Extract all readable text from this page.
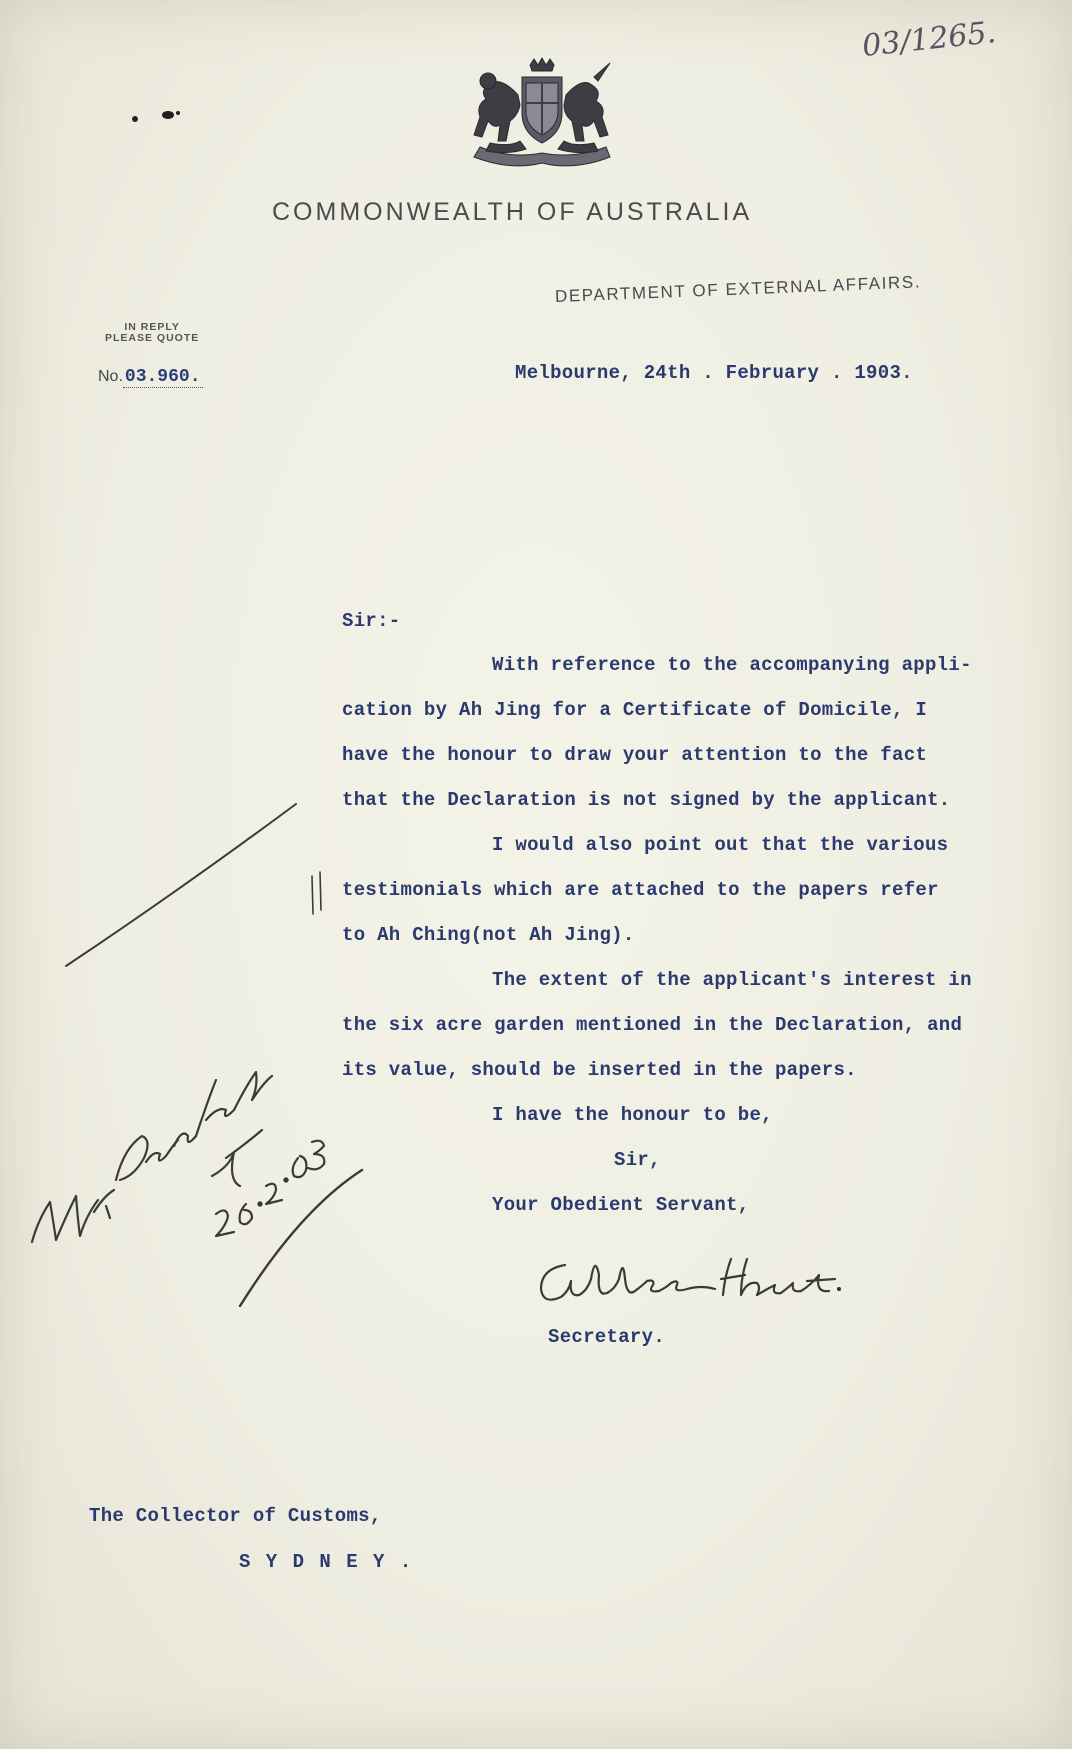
03/1265.
COMMONWEALTH OF AUSTRALIA
DEPARTMENT OF EXTERNAL AFFAIRS.
IN REPLY
PLEASE QUOTE
No. 03.960.	Melbourne, 24th . February . 1903.
Sir:-
With reference to the accompanying appli-
cation by Ah Jing for a Certificate of Domicile, I
have the honour to draw your attention to the fact
that the Declaration is not signed by the applicant.
I would also point out that the various
testimonials which are attached to the papers refer
to Ah Ching(not Ah Jing).
The extent of the applicant's interest in
the six acre garden mentioned in the Declaration, and
its value, should be inserted in the papers.
I have the honour to be,
Sir,
Your Obedient Servant,
Secretary.
The Collector of Customs,
S Y D N E Y .
